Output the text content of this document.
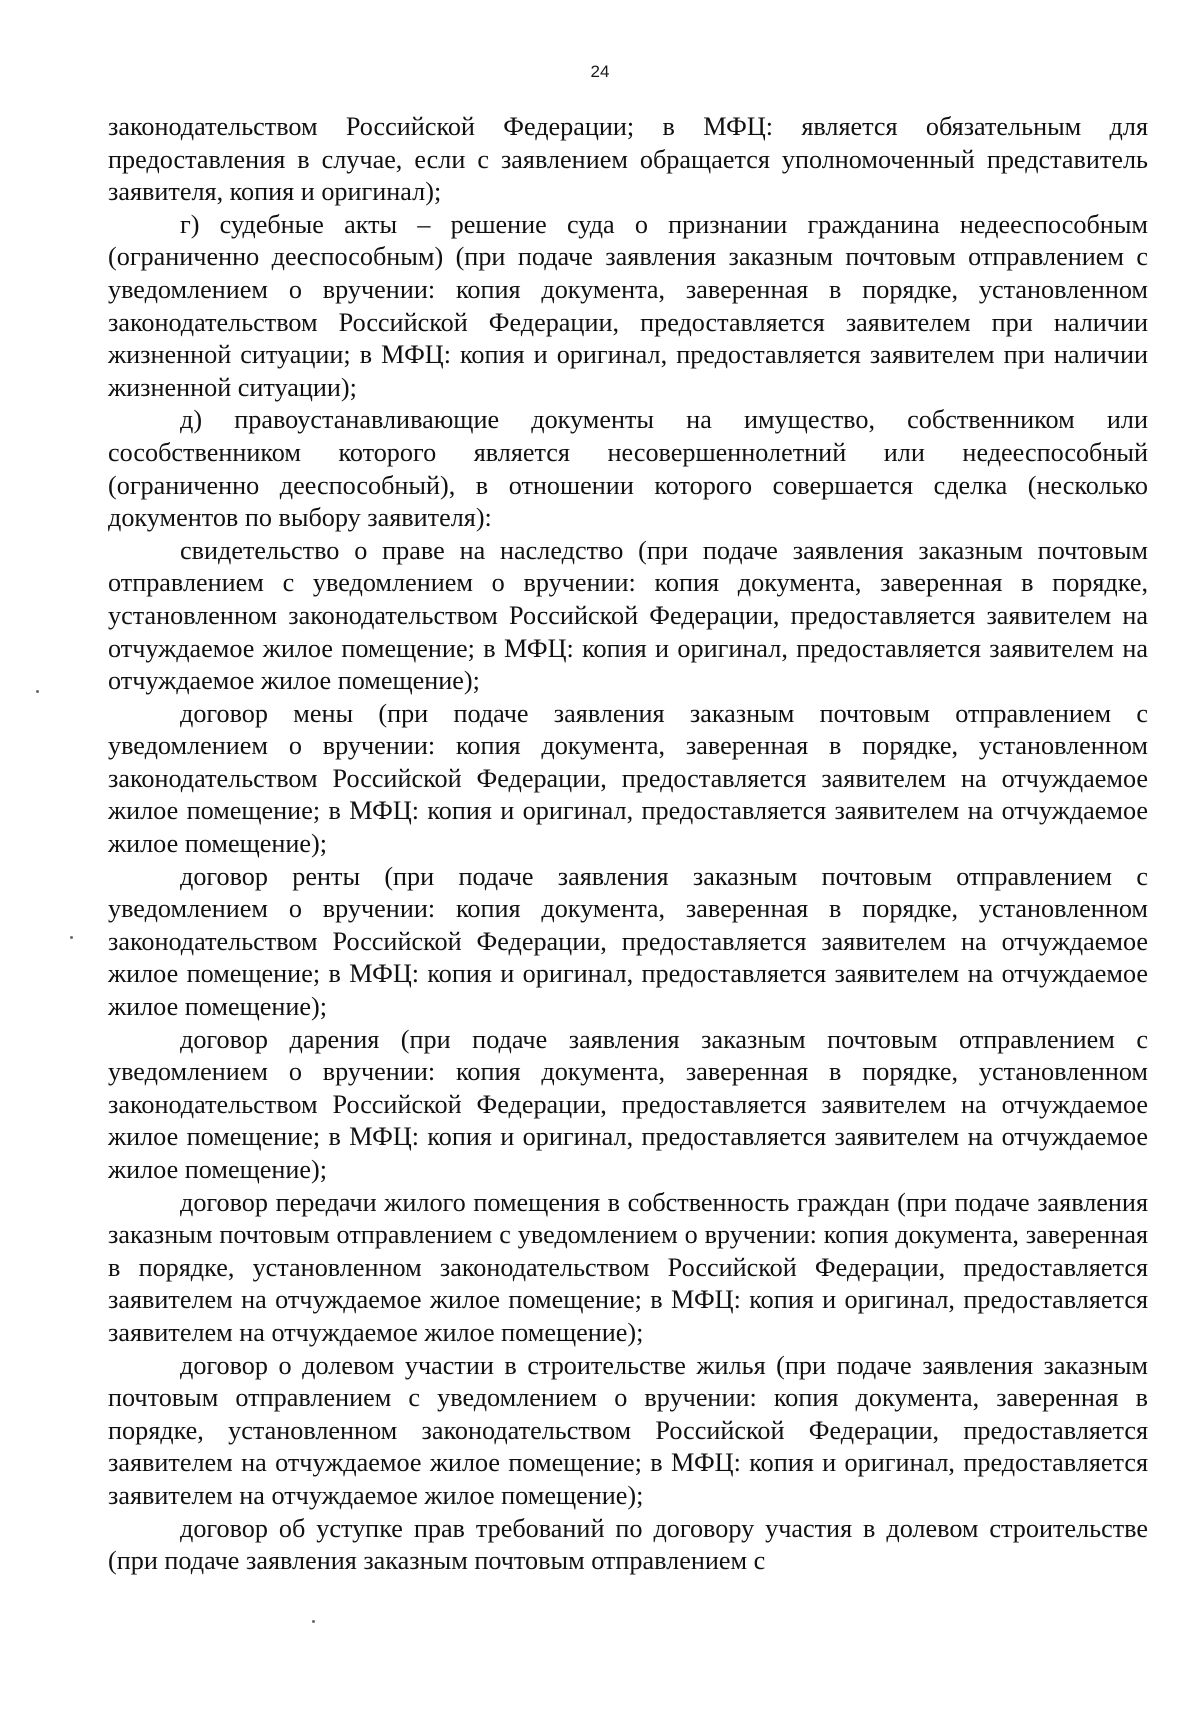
24

законодательством Российской Федерации; в МФЦ: является обязательным для предоставления в случае, если с заявлением обращается уполномоченный представитель заявителя, копия и оригинал);

г) судебные акты – решение суда о признании гражданина недееспособным (ограниченно дееспособным) (при подаче заявления заказным почтовым отправлением с уведомлением о вручении: копия документа, заверенная в порядке, установленном законодательством Российской Федерации, предоставляется заявителем при наличии жизненной ситуации; в МФЦ: копия и оригинал, предоставляется заявителем при наличии жизненной ситуации);

д) правоустанавливающие документы на имущество, собственником или сособственником которого является несовершеннолетний или недееспособный (ограниченно дееспособный), в отношении которого совершается сделка (несколько документов по выбору заявителя):

свидетельство о праве на наследство (при подаче заявления заказным почтовым отправлением с уведомлением о вручении: копия документа, заверенная в порядке, установленном законодательством Российской Федерации, предоставляется заявителем на отчуждаемое жилое помещение; в МФЦ: копия и оригинал, предоставляется заявителем на отчуждаемое жилое помещение);

договор мены (при подаче заявления заказным почтовым отправлением с уведомлением о вручении: копия документа, заверенная в порядке, установленном законодательством Российской Федерации, предоставляется заявителем на отчуждаемое жилое помещение; в МФЦ: копия и оригинал, предоставляется заявителем на отчуждаемое жилое помещение);

договор ренты (при подаче заявления заказным почтовым отправлением с уведомлением о вручении: копия документа, заверенная в порядке, установленном законодательством Российской Федерации, предоставляется заявителем на отчуждаемое жилое помещение; в МФЦ: копия и оригинал, предоставляется заявителем на отчуждаемое жилое помещение);

договор дарения (при подаче заявления заказным почтовым отправлением с уведомлением о вручении: копия документа, заверенная в порядке, установленном законодательством Российской Федерации, предоставляется заявителем на отчуждаемое жилое помещение; в МФЦ: копия и оригинал, предоставляется заявителем на отчуждаемое жилое помещение);

договор передачи жилого помещения в собственность граждан (при подаче заявления заказным почтовым отправлением с уведомлением о вручении: копия документа, заверенная в порядке, установленном законодательством Российской Федерации, предоставляется заявителем на отчуждаемое жилое помещение; в МФЦ: копия и оригинал, предоставляется заявителем на отчуждаемое жилое помещение);

договор о долевом участии в строительстве жилья (при подаче заявления заказным почтовым отправлением с уведомлением о вручении: копия документа, заверенная в порядке, установленном законодательством Российской Федерации, предоставляется заявителем на отчуждаемое жилое помещение; в МФЦ: копия и оригинал, предоставляется заявителем на отчуждаемое жилое помещение);

договор об уступке прав требований по договору участия в долевом строительстве (при подаче заявления заказным почтовым отправлением с
